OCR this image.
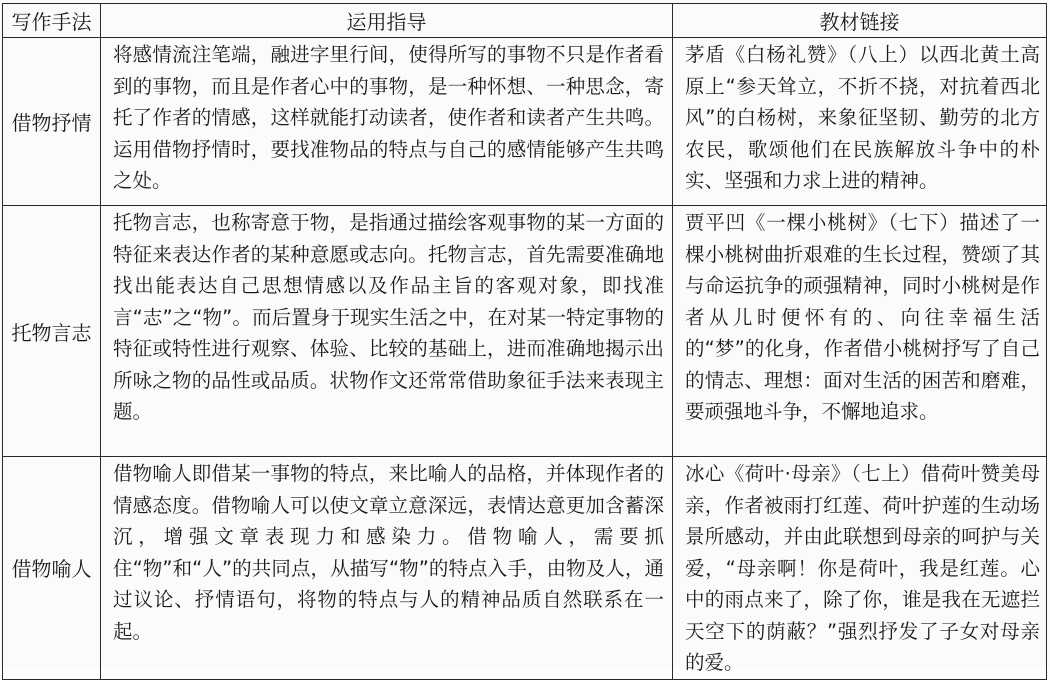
写作手法	运用指导	教材链接
借物抒情	将感情流注笔端，融进字里行间，使得所写的事物不只是作者看到的事物，而且是作者心中的事物，是一种怀想、一种思念，寄托了作者的情感，这样就能打动读者，使作者和读者产生共鸣。运用借物抒情时，要找准物品的特点与自己的感情能够产生共鸣之处。	茅盾《白杨礼赞》（八上）以西北黄土高原上“参天耸立，不折不挠，对抗着西北风”的白杨树，来象征坚韧、勤劳的北方农民，歌颂他们在民族解放斗争中的朴实、坚强和力求上进的精神。

托物言志	托物言志，也称寄意于物，是指通过描绘客观事物的某一方面的特征来表达作者的某种意愿或志向。托物言志，首先需要准确地找出能表达自己思想情感以及作品主旨的客观对象，即找准言“志”之“物”。而后置身于现实生活之中，在对某一特定事物的特征或特性进行观察、体验、比较的基础上，进而准确地揭示出所咏之物的品性或品质。状物作文还常常借助象征手法来表现主题。	贾平凹《一棵小桃树》（七下）描述了一棵小桃树曲折艰难的生长过程，赞颂了其与命运抗争的顽强精神，同时小桃树是作者从儿时便怀有的、向往幸福生活的“梦”的化身，作者借小桃树抒写了自己的情志、理想：面对生活的困苦和磨难，要顽强地斗争，不懈地追求。

借物喻人	借物喻人即借某一事物的特点，来比喻人的品格，并体现作者的情感态度。借物喻人可以使文章立意深远，表情达意更加含蓄深沉，增强文章表现力和感染力。借物喻人，需要抓住“物”和“人”的共同点，从描写“物”的特点入手，由物及人，通过议论、抒情语句，将物的特点与人的精神品质自然联系在一起。	冰心《荷叶·母亲》（七上）借荷叶赞美母亲，作者被雨打红莲、荷叶护莲的生动场景所感动，并由此联想到母亲的呵护与关爱，“母亲啊！你是荷叶，我是红莲。心中的雨点来了，除了你，谁是我在无遮拦天空下的荫蔽？”强烈抒发了子女对母亲的爱。
